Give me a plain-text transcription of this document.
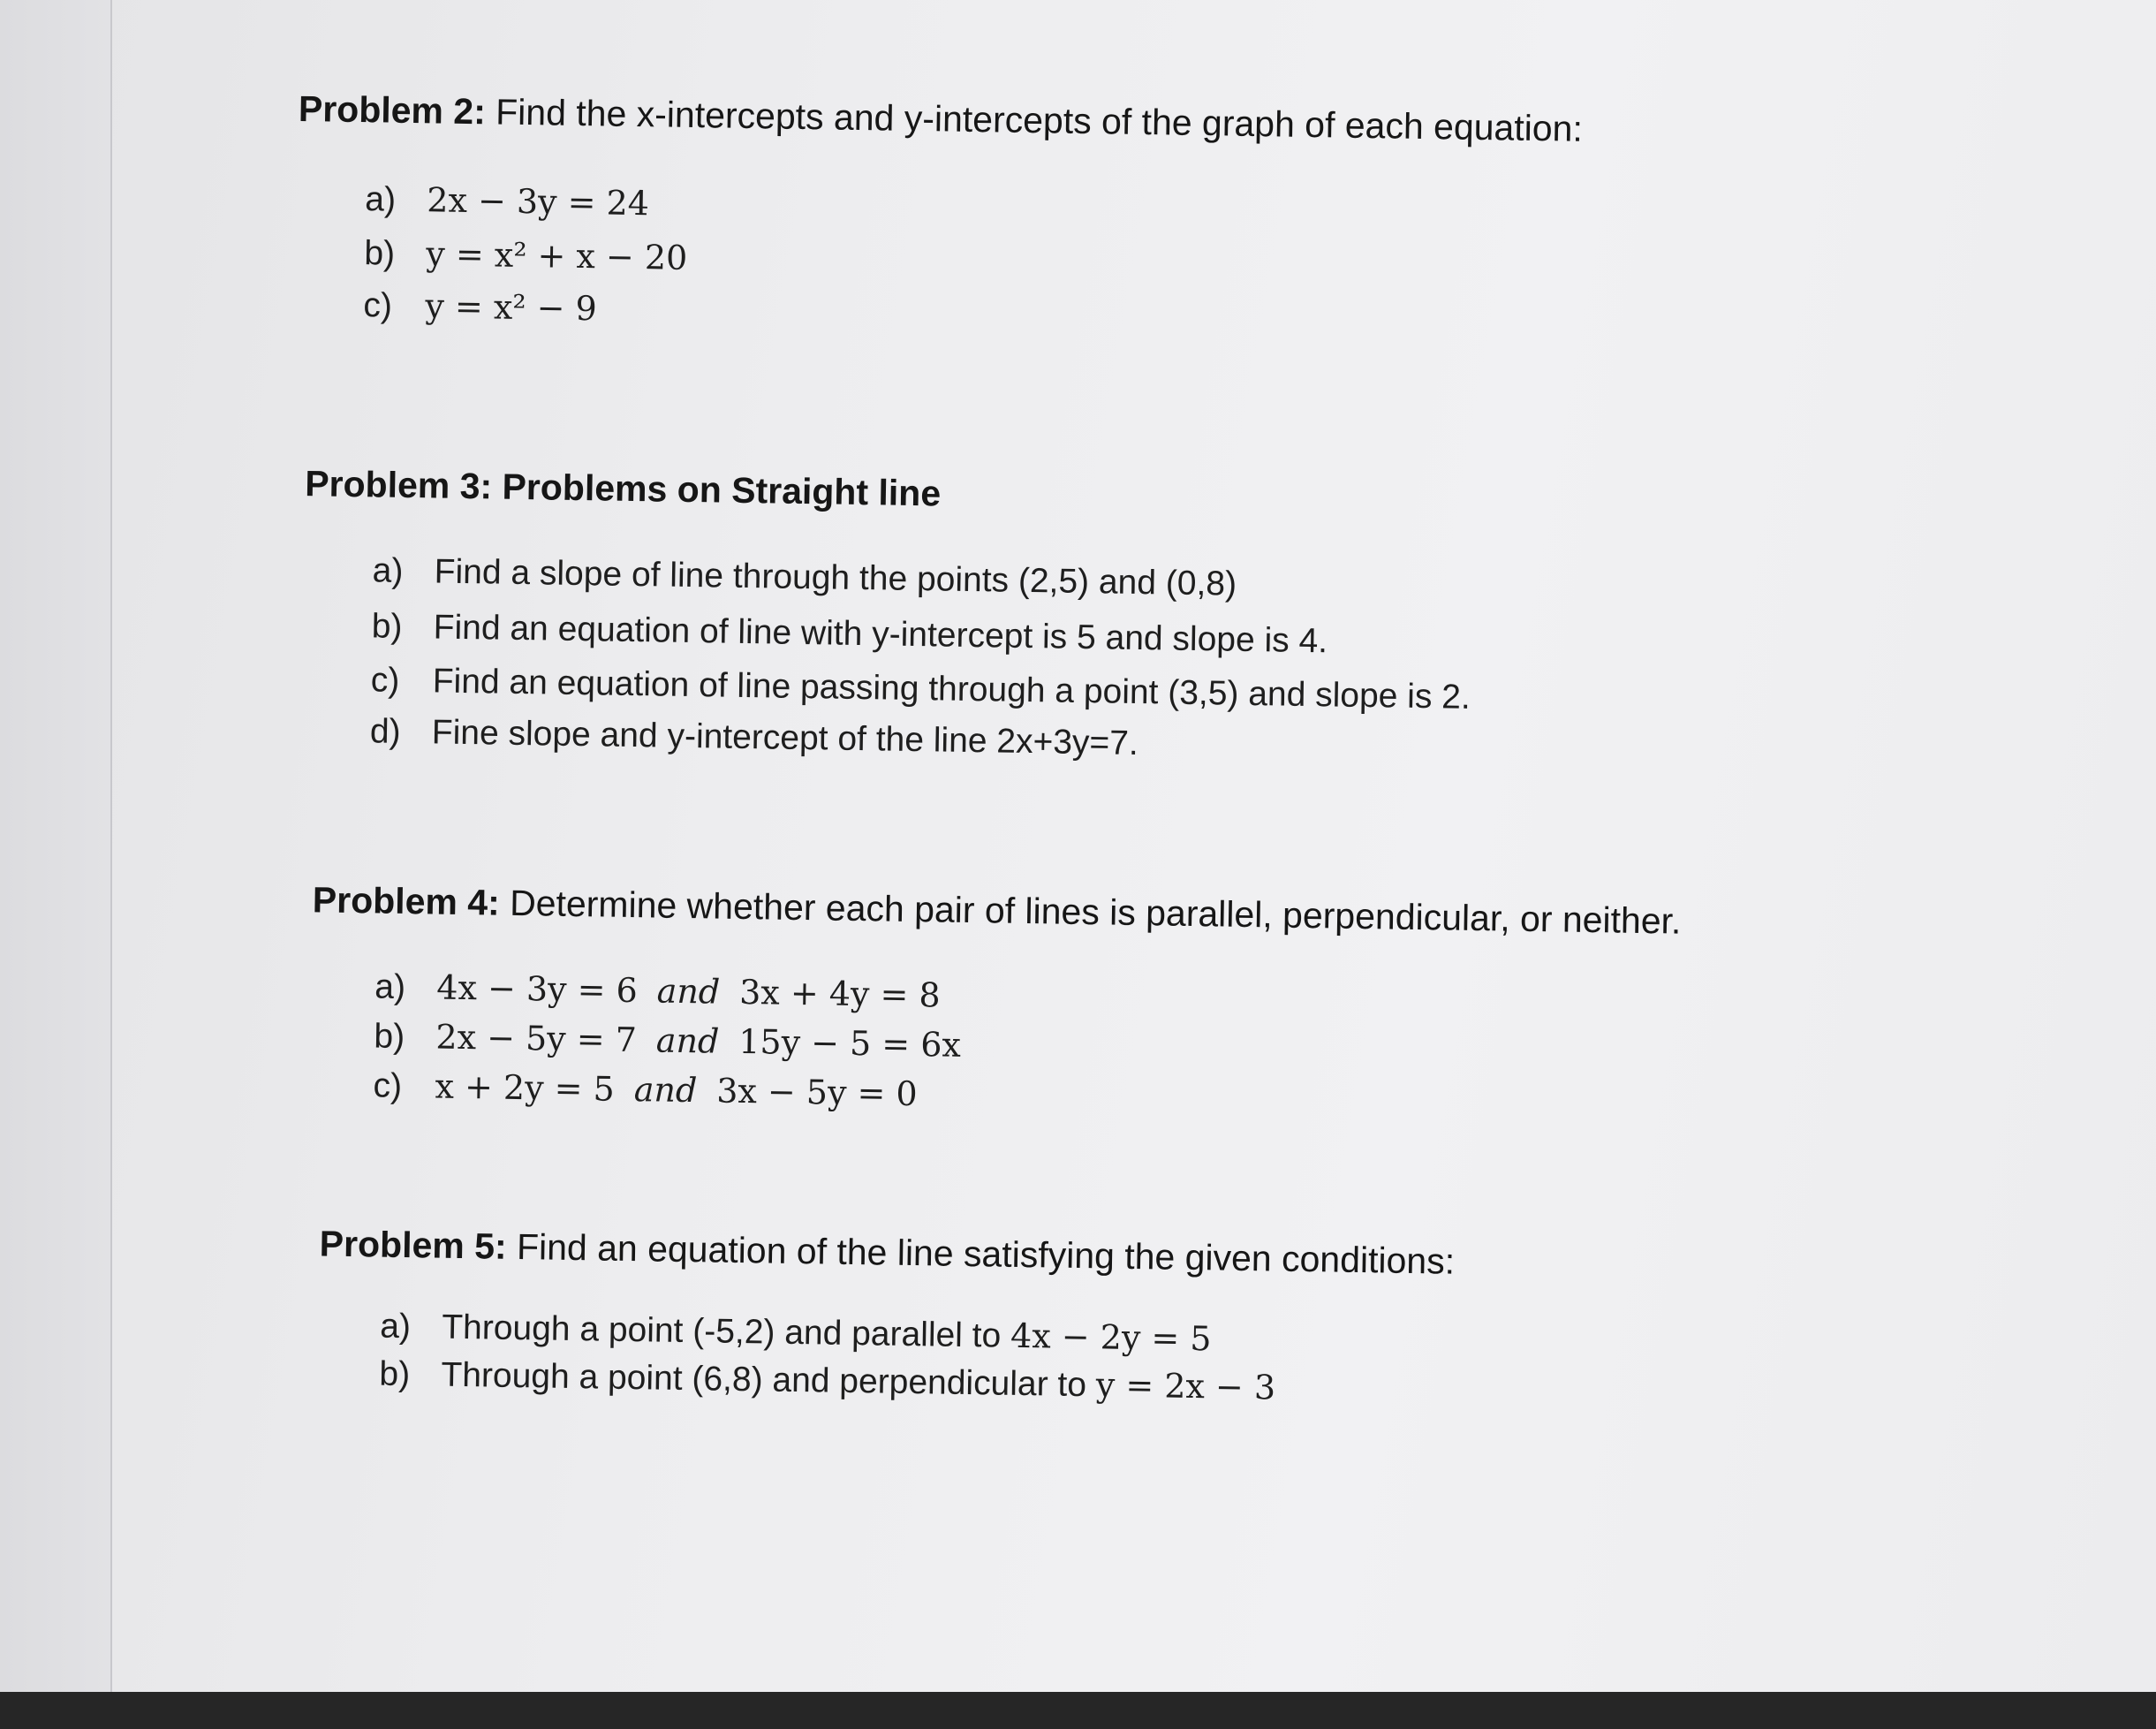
Problem 2: Find the x-intercepts and y-intercepts of the graph of each equation:
a) 2x − 3y = 24
b) y = x² + x − 20
c) y = x² − 9
Problem 3: Problems on Straight line
a) Find a slope of line through the points (2,5) and (0,8)
b) Find an equation of line with y-intercept is 5 and slope is 4.
c) Find an equation of line passing through a point (3,5) and slope is 2.
d) Fine slope and y-intercept of the line 2x+3y=7.
Problem 4: Determine whether each pair of lines is parallel, perpendicular, or neither.
a) 4x − 3y = 6 and 3x + 4y = 8
b) 2x − 5y = 7 and 15y − 5 = 6x
c) x + 2y = 5 and 3x − 5y = 0
Problem 5: Find an equation of the line satisfying the given conditions:
a) Through a point (-5,2) and parallel to 4x − 2y = 5
b) Through a point (6,8) and perpendicular to y = 2x − 3
